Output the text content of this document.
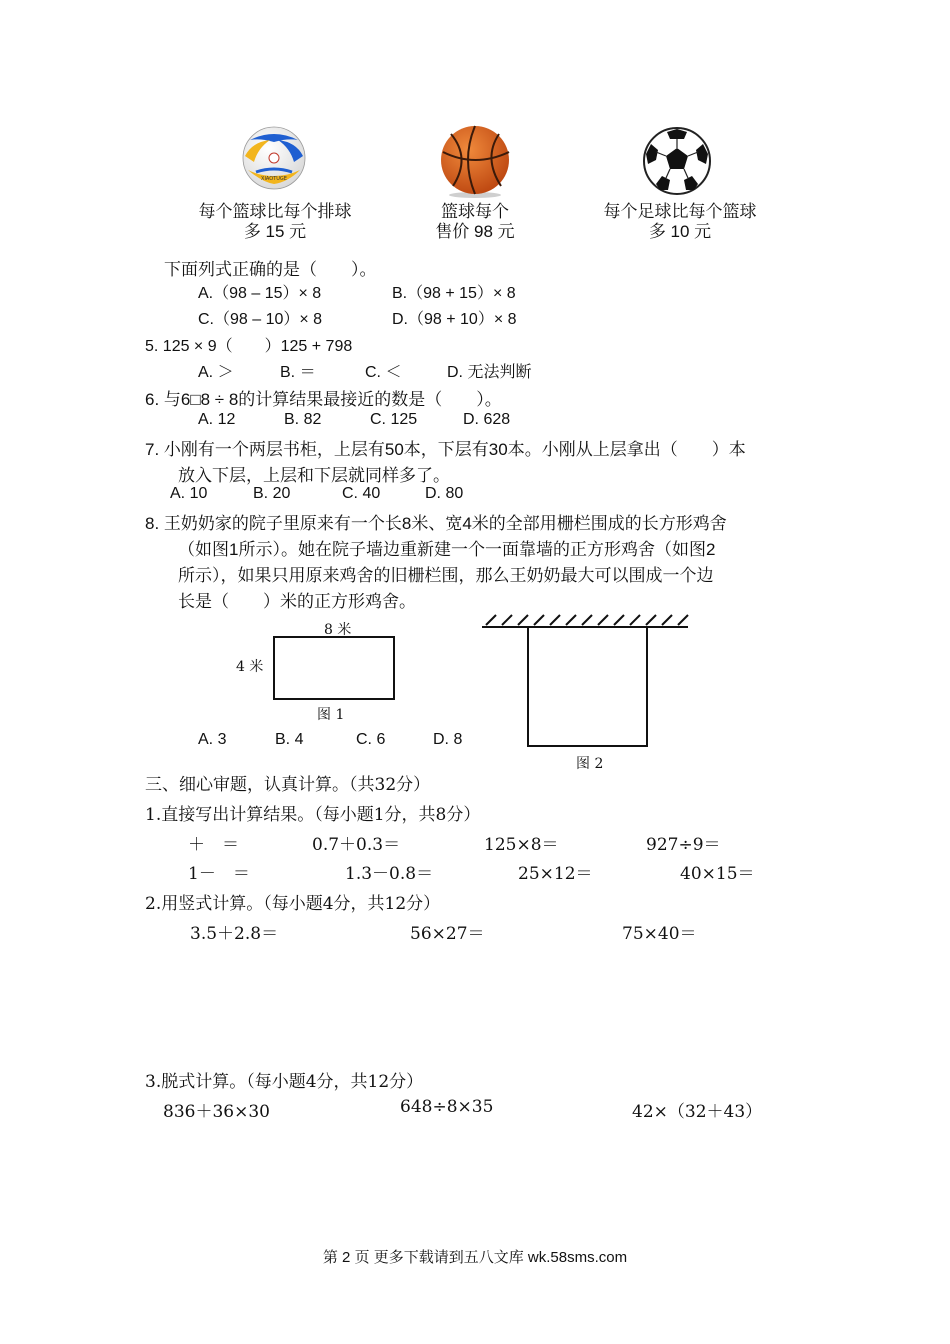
XIAOTUGE
每个篮球比每个排球
多 15 元
篮球每个
售价 98 元
每个足球比每个篮球
多 10 元
下面列式正确的是（　　）。
A.（98 – 15）× 8	B.（98 + 15）× 8
C.（98 – 10）× 8	D.（98 + 10）× 8
5. 125 × 9（　　）125 + 798
A. ＞	B. ＝	C. ＜	D. 无法判断
6. 与6□8 ÷ 8的计算结果最接近的数是（　　）。
A. 12	B. 82	C. 125	D. 628
7. 小刚有一个两层书柜，上层有50本，下层有30本。小刚从上层拿出（　　）本
放入下层，上层和下层就同样多了。
A. 10	B. 20	C. 40	D. 80
8. 王奶奶家的院子里原来有一个长8米、宽4米的全部用栅栏围成的长方形鸡舍
（如图1所示）。她在院子墙边重新建一个一面靠墙的正方形鸡舍（如图2
所示），如果只用原来鸡舍的旧栅栏围，那么王奶奶最大可以围成一个边
长是（　　）米的正方形鸡舍。
8 米
4 米
图 1
图 2
A. 3	B. 4	C. 6	D. 8
三、细心审题，认真计算。（共32分）
1.直接写出计算结果。（每小题1分，共8分）
＋　＝	0.7＋0.3＝	125×8＝	927÷9＝
1－　＝	1.3－0.8＝	25×12＝	40×15＝
2.用竖式计算。（每小题4分，共12分）
3.5＋2.8＝	56×27＝	75×40＝
3.脱式计算。（每小题4分，共12分）
836＋36×30	648÷8×35	42×（32＋43）
第 2 页 更多下载请到五八文库 wk.58sms.com
